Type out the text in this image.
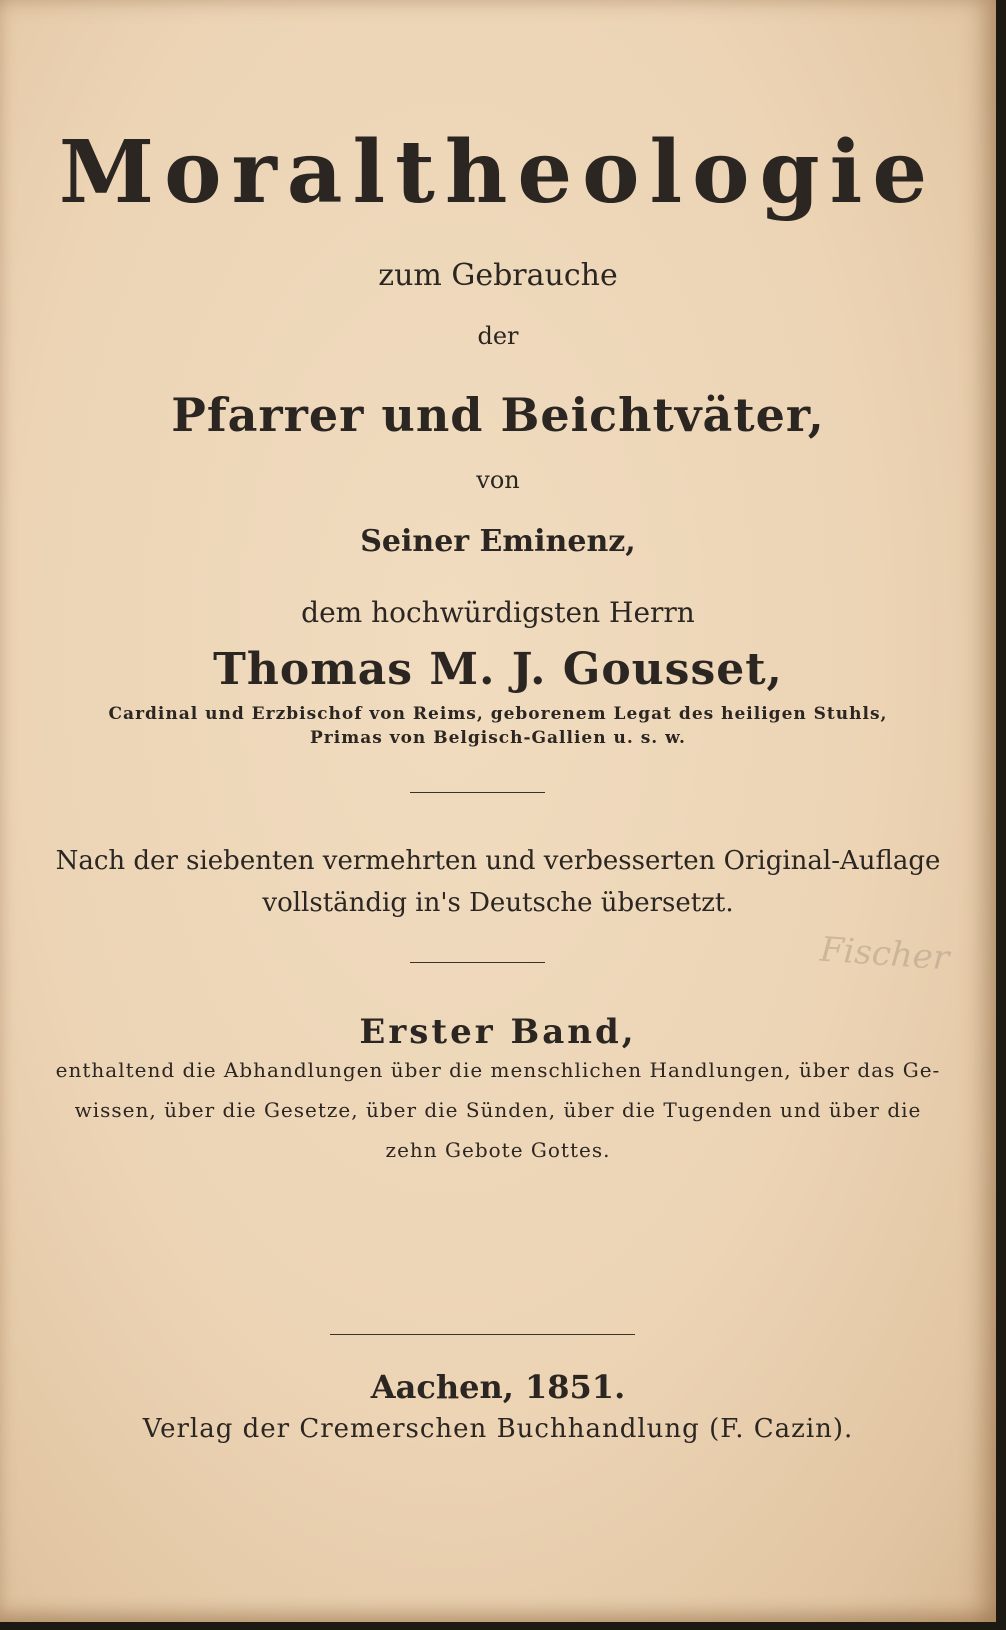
Moraltheologie
zum Gebrauche
der
Pfarrer und Beichtväter,
von
Seiner Eminenz,
dem hochwürdigsten Herrn
Thomas M. J. Gousset,
Cardinal und Erzbischof von Reims, geborenem Legat des heiligen Stuhls,
Primas von Belgisch-Gallien u. s. w.
Nach der siebenten vermehrten und verbesserten Original-Auflage
vollständig in's Deutsche übersetzt.
Fischer
Erster Band,
enthaltend die Abhandlungen über die menschlichen Handlungen, über das Ge-
wissen, über die Gesetze, über die Sünden, über die Tugenden und über die
zehn Gebote Gottes.
Aachen, 1851.
Verlag der Cremerschen Buchhandlung (F. Cazin).
